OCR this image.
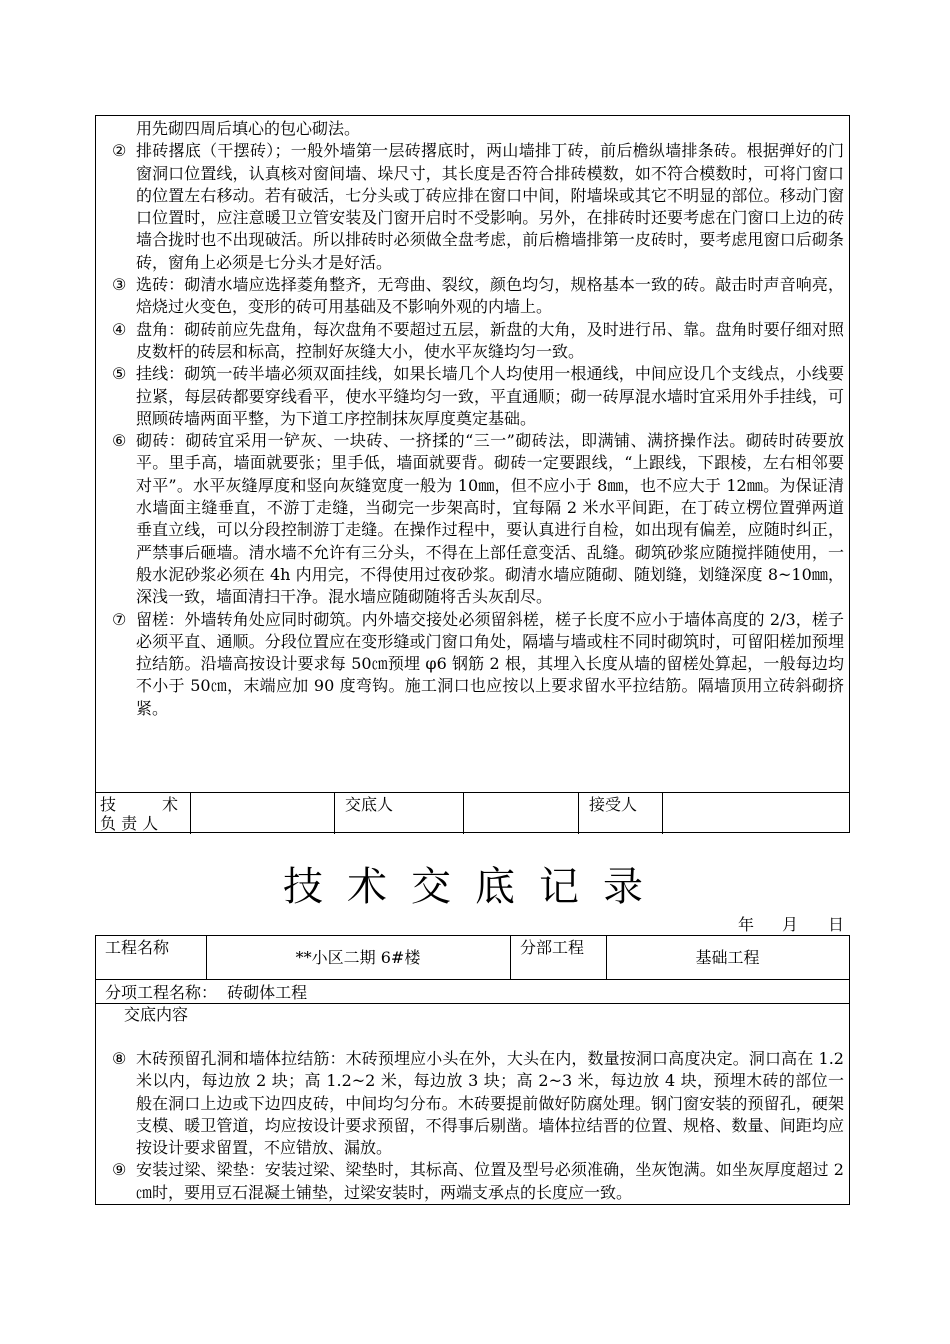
用先砌四周后填心的包心砌法。
② 排砖撂底（干摆砖）；一般外墙第一层砖撂底时，两山墙排丁砖，前后檐纵墙排条砖。根据弹好的门窗洞口位置线，认真核对窗间墙、垛尺寸，其长度是否符合排砖模数，如不符合模数时，可将门窗口的位置左右移动。若有破活，七分头或丁砖应排在窗口中间，附墙垛或其它不明显的部位。移动门窗口位置时，应注意暖卫立管安装及门窗开启时不受影响。另外，在排砖时还要考虑在门窗口上边的砖墙合拢时也不出现破活。所以排砖时必须做全盘考虑，前后檐墙排第一皮砖时，要考虑甩窗口后砌条砖，窗角上必须是七分头才是好活。
③ 选砖：砌清水墙应选择菱角整齐，无弯曲、裂纹，颜色均匀，规格基本一致的砖。敲击时声音响亮，焙烧过火变色，变形的砖可用基础及不影响外观的内墙上。
④ 盘角：砌砖前应先盘角，每次盘角不要超过五层，新盘的大角，及时进行吊、靠。盘角时要仔细对照皮数杆的砖层和标高，控制好灰缝大小，使水平灰缝均匀一致。
⑤ 挂线：砌筑一砖半墙必须双面挂线，如果长墙几个人均使用一根通线，中间应设几个支线点，小线要拉紧，每层砖都要穿线看平，使水平缝均匀一致，平直通顺；砌一砖厚混水墙时宜采用外手挂线，可照顾砖墙两面平整，为下道工序控制抹灰厚度奠定基础。
⑥ 砌砖：砌砖宜采用一铲灰、一块砖、一挤揉的“三一”砌砖法，即满铺、满挤操作法。砌砖时砖要放平。里手高，墙面就要张；里手低，墙面就要背。砌砖一定要跟线，“上跟线，下跟棱，左右相邻要对平”。水平灰缝厚度和竖向灰缝宽度一般为 10㎜，但不应小于 8㎜，也不应大于 12㎜。为保证清水墙面主缝垂直，不游丁走缝，当砌完一步架高时，宜每隔 2 米水平间距，在丁砖立楞位置弹两道垂直立线，可以分段控制游丁走缝。在操作过程中，要认真进行自检，如出现有偏差，应随时纠正，严禁事后砸墙。清水墙不允许有三分头，不得在上部任意变活、乱缝。砌筑砂浆应随搅拌随使用，一般水泥砂浆必须在 4h 内用完，不得使用过夜砂浆。砌清水墙应随砌、随划缝，划缝深度 8~10㎜，深浅一致，墙面清扫干净。混水墙应随砌随将舌头灰刮尽。
⑦ 留槎：外墙转角处应同时砌筑。内外墙交接处必须留斜槎，槎子长度不应小于墙体高度的 2/3，槎子必须平直、通顺。分段位置应在变形缝或门窗口角处，隔墙与墙或柱不同时砌筑时，可留阳槎加预埋拉结筋。沿墙高按设计要求每 50㎝预埋 φ6 钢筋 2 根，其埋入长度从墙的留槎处算起，一般每边均不小于 50㎝，末端应加 90 度弯钩。施工洞口也应按以上要求留水平拉结筋。隔墙顶用立砖斜砌挤紧。
技	术
负 责 人
交底人	接受人
技术交底记录
年 月 日
工程名称
**小区二期 6#楼
分部工程
基础工程
分项工程名称：  砖砌体工程
交底内容
⑧ 木砖预留孔洞和墙体拉结筋：木砖预埋应小头在外，大头在内，数量按洞口高度决定。洞口高在 1.2 米以内，每边放 2 块；高 1.2~2 米，每边放 3 块；高 2~3 米，每边放 4 块，预埋木砖的部位一般在洞口上边或下边四皮砖，中间均匀分布。木砖要提前做好防腐处理。钢门窗安装的预留孔，硬架支模、暖卫管道，均应按设计要求预留，不得事后剔凿。墙体拉结晋的位置、规格、数量、间距均应按设计要求留置，不应错放、漏放。
⑨ 安装过梁、梁垫：安装过梁、梁垫时，其标高、位置及型号必须准确，坐灰饱满。如坐灰厚度超过 2㎝时，要用豆石混凝土铺垫，过梁安装时，两端支承点的长度应一致。
